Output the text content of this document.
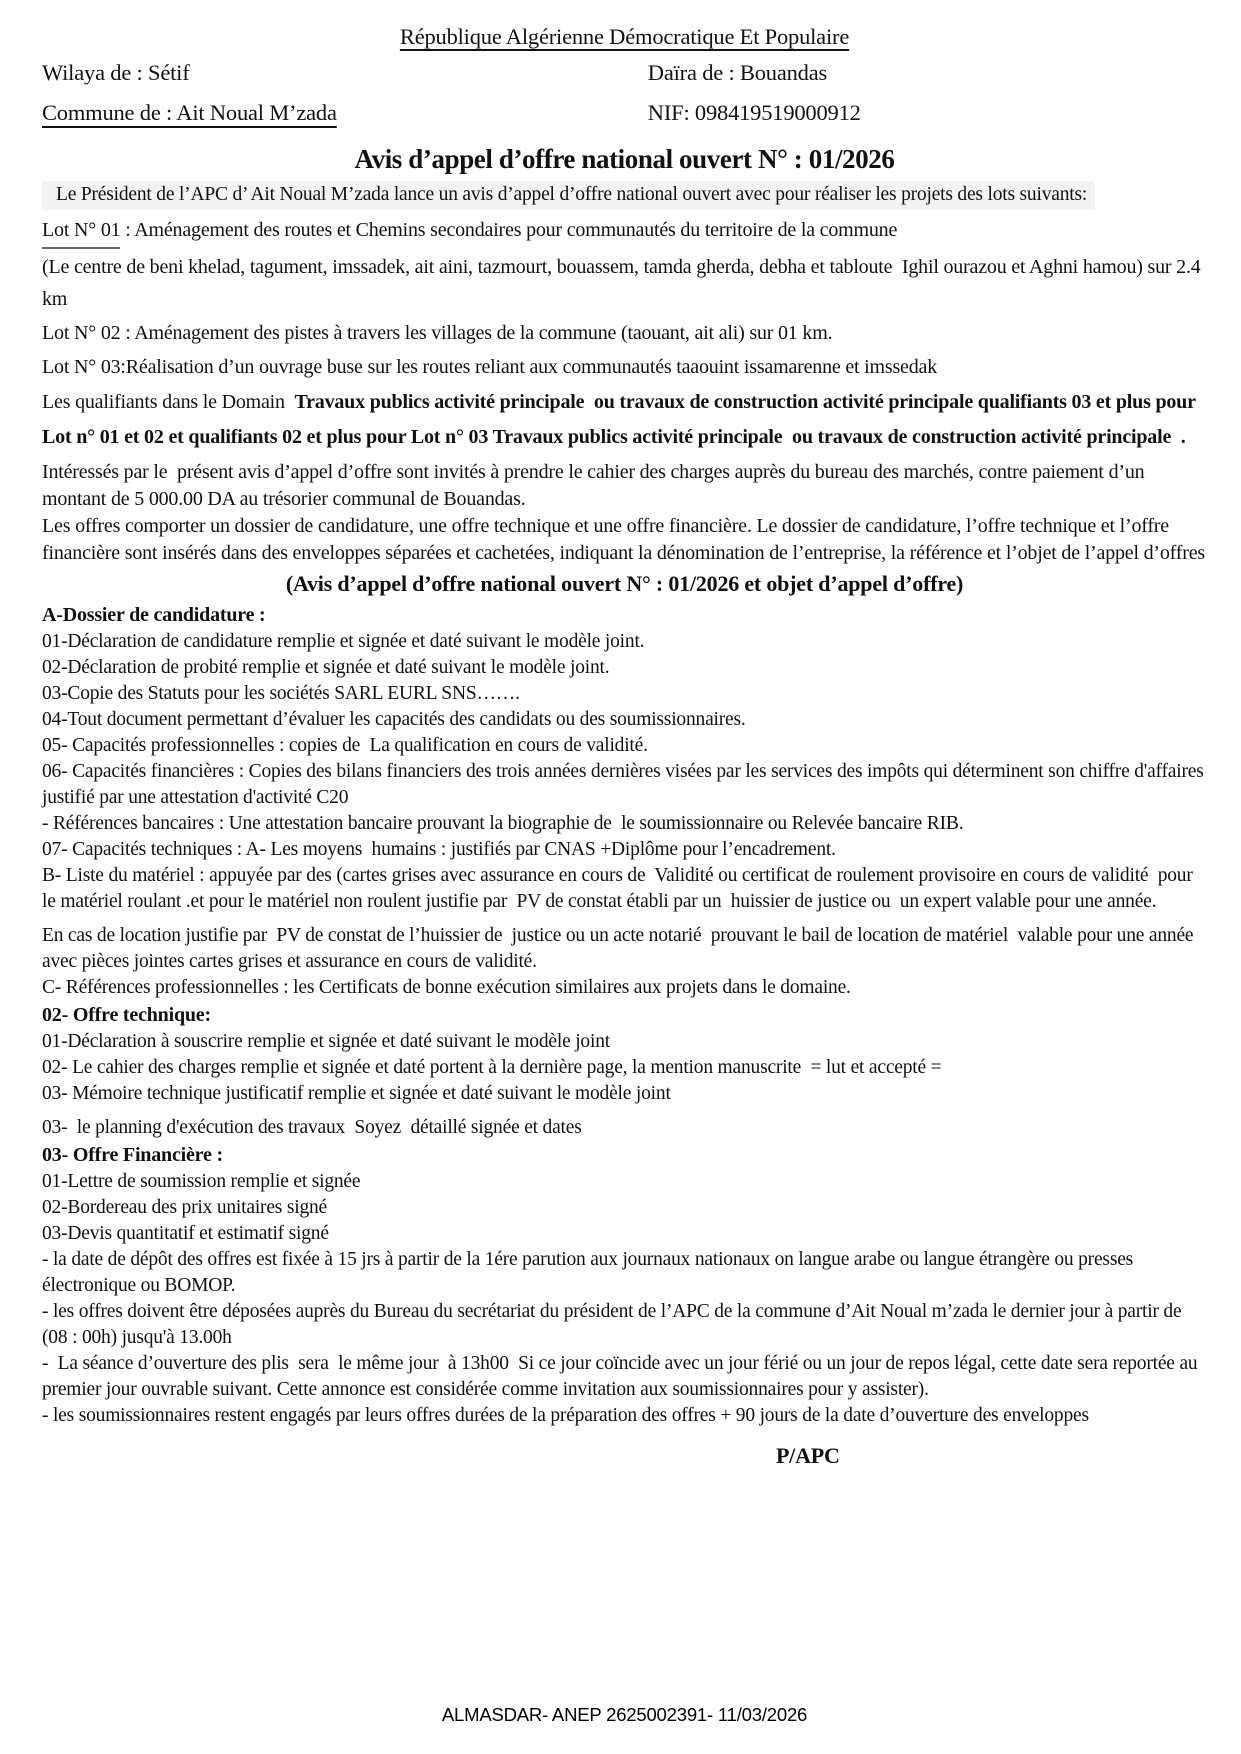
République Algérienne Démocratique Et Populaire
Wilaya de : Sétif	Daïra de : Bouandas
Commune de : Ait Noual M’zada	NIF: 098419519000912
Avis d’appel d’offre national ouvert N° : 01/2026
Le Président de l’APC d’ Ait Noual M’zada lance un avis d’appel d’offre national ouvert avec pour réaliser les projets des lots suivants:

Lot N° 01 : Aménagement des routes et Chemins secondaires pour communautés du territoire de la commune

(Le centre de beni khelad, tagument, imssadek, ait aini, tazmourt, bouassem, tamda gherda, debha et tabloute  Ighil ourazou et Aghni hamou) sur 2.4 km

Lot N° 02 : Aménagement des pistes à travers les villages de la commune (taouant, ait ali) sur 01 km.

Lot N° 03:Réalisation d’un ouvrage buse sur les routes reliant aux communautés taaouint issamarenne et imssedak

Les qualifiants dans le Domain  Travaux publics activité principale  ou travaux de construction activité principale qualifiants 03 et plus pour Lot n° 01 et 02 et qualifiants 02 et plus pour Lot n° 03 Travaux publics activité principale  ou travaux de construction activité principale  .

Intéressés par le  présent avis d’appel d’offre sont invités à prendre le cahier des charges auprès du bureau des marchés, contre paiement d’un montant de 5 000.00 DA au trésorier communal de Bouandas.

Les offres comporter un dossier de candidature, une offre technique et une offre financière. Le dossier de candidature, l’offre technique et l’offre financière sont insérés dans des enveloppes séparées et cachetées, indiquant la dénomination de l’entreprise, la référence et l’objet de l’appel d’offres

(Avis d’appel d’offre national ouvert N° : 01/2026 et objet d’appel d’offre)
A-Dossier de candidature :

01-Déclaration de candidature remplie et signée et daté suivant le modèle joint.

02-Déclaration de probité remplie et signée et daté suivant le modèle joint.

03-Copie des Statuts pour les sociétés SARL EURL SNS…….

04-Tout document permettant d’évaluer les capacités des candidats ou des soumissionnaires.

05- Capacités professionnelles : copies de  La qualification en cours de validité.

06- Capacités financières : Copies des bilans financiers des trois années dernières visées par les services des impôts qui déterminent son chiffre d'affaires justifié par une attestation d'activité C20

- Références bancaires : Une attestation bancaire prouvant la biographie de  le soumissionnaire ou Relevée bancaire RIB.

07- Capacités techniques : A- Les moyens  humains : justifiés par CNAS +Diplôme pour l’encadrement.

B- Liste du matériel : appuyée par des (cartes grises avec assurance en cours de  Validité ou certificat de roulement provisoire en cours de validité  pour le matériel roulant .et pour le matériel non roulent justifie par  PV de constat établi par un  huissier de justice ou  un expert valable pour une année.

En cas de location justifie par  PV de constat de l’huissier de  justice ou un acte notarié  prouvant le bail de location de matériel  valable pour une année avec pièces jointes cartes grises et assurance en cours de validité.

C- Références professionnelles : les Certificats de bonne exécution similaires aux projets dans le domaine.

02- Offre technique:

01-Déclaration à souscrire remplie et signée et daté suivant le modèle joint

02- Le cahier des charges remplie et signée et daté portent à la dernière page, la mention manuscrite  = lut et accepté =

03- Mémoire technique justificatif remplie et signée et daté suivant le modèle joint

03-  le planning d'exécution des travaux  Soyez  détaillé signée et dates

03- Offre Financière :

01-Lettre de soumission remplie et signée

02-Bordereau des prix unitaires signé

03-Devis quantitatif et estimatif signé

- la date de dépôt des offres est fixée à 15 jrs à partir de la 1ére parution aux journaux nationaux on langue arabe ou langue étrangère ou presses électronique ou BOMOP.

- les offres doivent être déposées auprès du Bureau du secrétariat du président de l’APC de la commune d’Ait Noual m’zada le dernier jour à partir de (08 : 00h) jusqu'à 13.00h

-  La séance d’ouverture des plis  sera  le même jour  à 13h00  Si ce jour coïncide avec un jour férié ou un jour de repos légal, cette date sera reportée au premier jour ouvrable suivant. Cette annonce est considérée comme invitation aux soumissionnaires pour y assister).

- les soumissionnaires restent engagés par leurs offres durées de la préparation des offres + 90 jours de la date d’ouverture des enveloppes

P/APC
ALMASDAR- ANEP 2625002391- 11/03/2026
